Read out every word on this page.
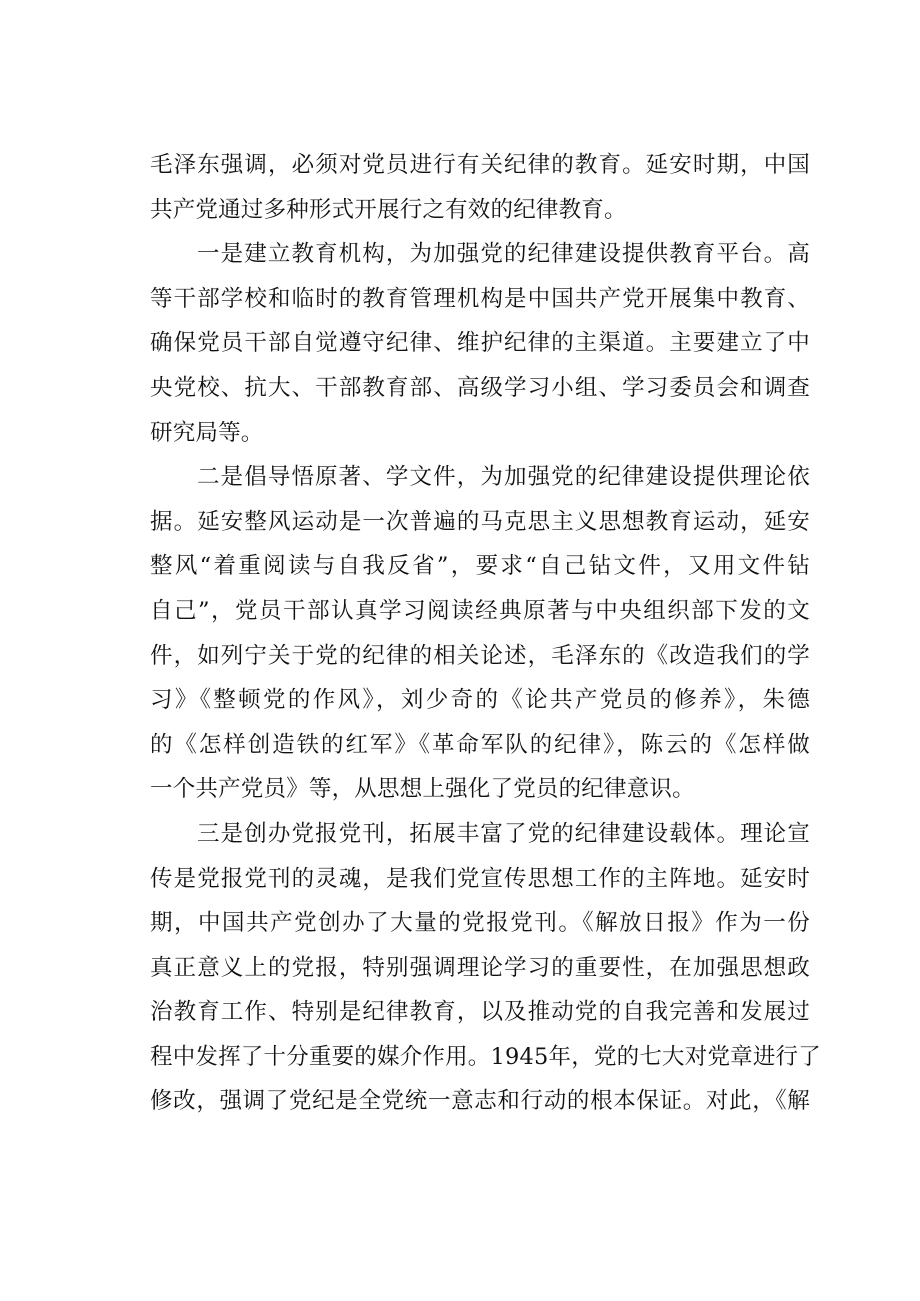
毛泽东强调，必须对党员进行有关纪律的教育。延安时期，中国
共产党通过多种形式开展行之有效的纪律教育。
一是建立教育机构，为加强党的纪律建设提供教育平台。高
等干部学校和临时的教育管理机构是中国共产党开展集中教育、
确保党员干部自觉遵守纪律、维护纪律的主渠道。主要建立了中
央党校、抗大、干部教育部、高级学习小组、学习委员会和调查
研究局等。
二是倡导悟原著、学文件，为加强党的纪律建设提供理论依
据。延安整风运动是一次普遍的马克思主义思想教育运动，延安
整风“着重阅读与自我反省”，要求“自己钻文件，又用文件钻
自己”，党员干部认真学习阅读经典原著与中央组织部下发的文
件，如列宁关于党的纪律的相关论述，毛泽东的《改造我们的学
习》《整顿党的作风》，刘少奇的《论共产党员的修养》，朱德
的《怎样创造铁的红军》《革命军队的纪律》，陈云的《怎样做
一个共产党员》等，从思想上强化了党员的纪律意识。
三是创办党报党刊，拓展丰富了党的纪律建设载体。理论宣
传是党报党刊的灵魂，是我们党宣传思想工作的主阵地。延安时
期，中国共产党创办了大量的党报党刊。《解放日报》作为一份
真正意义上的党报，特别强调理论学习的重要性，在加强思想政
治教育工作、特别是纪律教育，以及推动党的自我完善和发展过
程中发挥了十分重要的媒介作用。1945年，党的七大对党章进行了
修改，强调了党纪是全党统一意志和行动的根本保证。对此，《解
